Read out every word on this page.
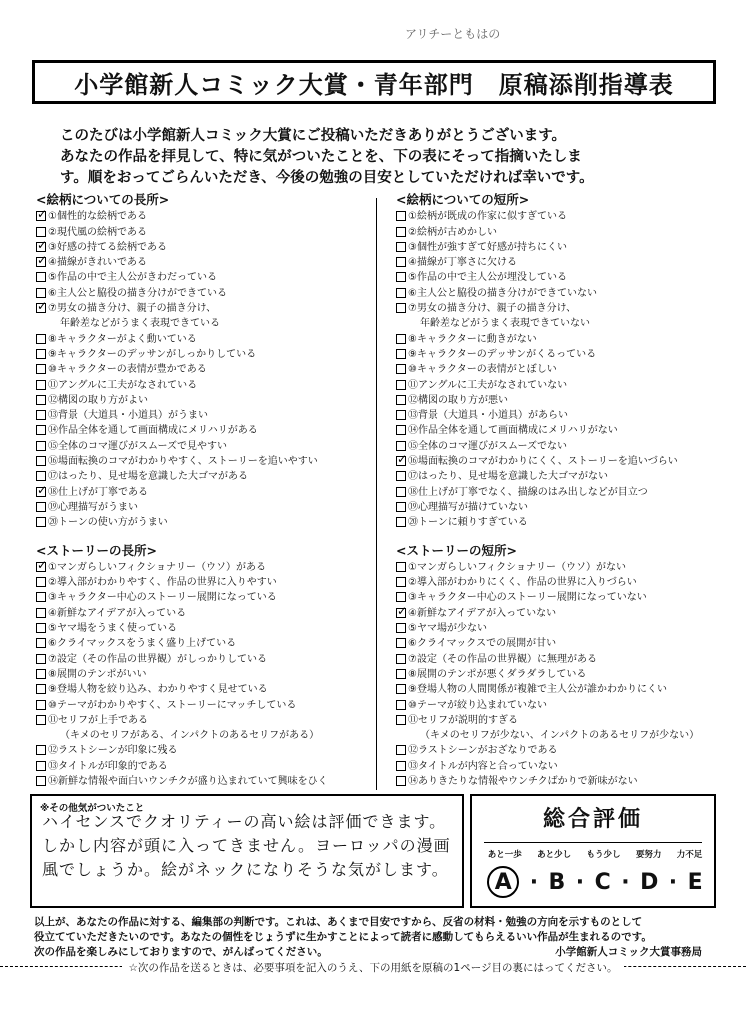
アリチーともはの
小学館新人コミック大賞・青年部門　原稿添削指導表
このたびは小学館新人コミック大賞にご投稿いただきありがとうございます。
あなたの作品を拝見して、特に気がついたことを、下の表にそって指摘いたしま
す。順をおってごらんいただき、今後の勉強の目安としていただければ幸いです。
<絵柄についての長所>
✓
①個性的な絵柄である
②現代風の絵柄である
✓
③好感の持てる絵柄である
✓
④描線がきれいである
⑤作品の中で主人公がきわだっている
⑥主人公と脇役の描き分けができている
✓
⑦男女の描き分け、親子の描き分け、
年齢差などがうまく表現できている
⑧キャラクターがよく動いている
⑨キャラクターのデッサンがしっかりしている
⑩キャラクターの表情が豊かである
⑪アングルに工夫がなされている
⑫構図の取り方がよい
⑬背景（大道具・小道具）がうまい
⑭作品全体を通して画面構成にメリハリがある
⑮全体のコマ運びがスムーズで見やすい
⑯場面転換のコマがわかりやすく、ストーリーを追いやすい
⑰はったり、見せ場を意識した大ゴマがある
✓
⑱仕上げが丁寧である
⑲心理描写がうまい
⑳トーンの使い方がうまい
<ストーリーの長所>
✓
①マンガらしいフィクショナリー（ウソ）がある
②導入部がわかりやすく、作品の世界に入りやすい
③キャラクター中心のストーリー展開になっている
④新鮮なアイデアが入っている
⑤ヤマ場をうまく使っている
⑥クライマックスをうまく盛り上げている
⑦設定（その作品の世界観）がしっかりしている
⑧展開のテンポがいい
⑨登場人物を絞り込み、わかりやすく見せている
⑩テーマがわかりやすく、ストーリーにマッチしている
⑪セリフが上手である
（キメのセリフがある、インパクトのあるセリフがある）
⑫ラストシーンが印象に残る
⑬タイトルが印象的である
⑭新鮮な情報や面白いウンチクが盛り込まれていて興味をひく
<絵柄についての短所>
①絵柄が既成の作家に似すぎている
②絵柄が古めかしい
③個性が強すぎて好感が持ちにくい
④描線が丁寧さに欠ける
⑤作品の中で主人公が埋没している
⑥主人公と脇役の描き分けができていない
⑦男女の描き分け、親子の描き分け、
年齢差などがうまく表現できていない
⑧キャラクターに動きがない
⑨キャラクターのデッサンがくるっている
⑩キャラクターの表情がとぼしい
⑪アングルに工夫がなされていない
⑫構図の取り方が悪い
⑬背景（大道具・小道具）があらい
⑭作品全体を通して画面構成にメリハリがない
⑮全体のコマ運びがスムーズでない
✓
⑯場面転換のコマがわかりにくく、ストーリーを追いづらい
⑰はったり、見せ場を意識した大ゴマがない
⑱仕上げが丁寧でなく、描線のはみ出しなどが目立つ
⑲心理描写が描けていない
⑳トーンに頼りすぎている
<ストーリーの短所>
①マンガらしいフィクショナリー（ウソ）がない
②導入部がわかりにくく、作品の世界に入りづらい
③キャラクター中心のストーリー展開になっていない
✓
④新鮮なアイデアが入っていない
⑤ヤマ場が少ない
⑥クライマックスでの展開が甘い
⑦設定（その作品の世界観）に無理がある
⑧展開のテンポが悪くダラダラしている
⑨登場人物の人間関係が複雑で主人公が誰かわかりにくい
⑩テーマが絞り込まれていない
⑪セリフが説明的すぎる
（キメのセリフが少ない、インパクトのあるセリフが少ない）
⑫ラストシーンがおざなりである
⑬タイトルが内容と合っていない
⑭ありきたりな情報やウンチクばかりで新味がない
※その他気がついたこと
ハイセンスでクオリティーの高い絵は評価できます。しかし内容が頭に入ってきません。ヨーロッパの漫画風でしょうか。絵がネックになりそうな気がします。
総合評価
あと一歩 あと少し もう少し 要努力 力不足
A · B · C · D · E
以上が、あなたの作品に対する、編集部の判断です。これは、あくまで目安ですから、反省の材料・勉強の方向を示すものとして
役立てていただきたいのです。あなたの個性をじょうずに生かすことによって読者に感動してもらえるいい作品が生まれるのです。
次の作品を楽しみにしておりますので、がんばってください。	小学館新人コミック大賞事務局
☆次の作品を送るときは、必要事項を記入のうえ、下の用紙を原稿の1ページ目の裏にはってください。
